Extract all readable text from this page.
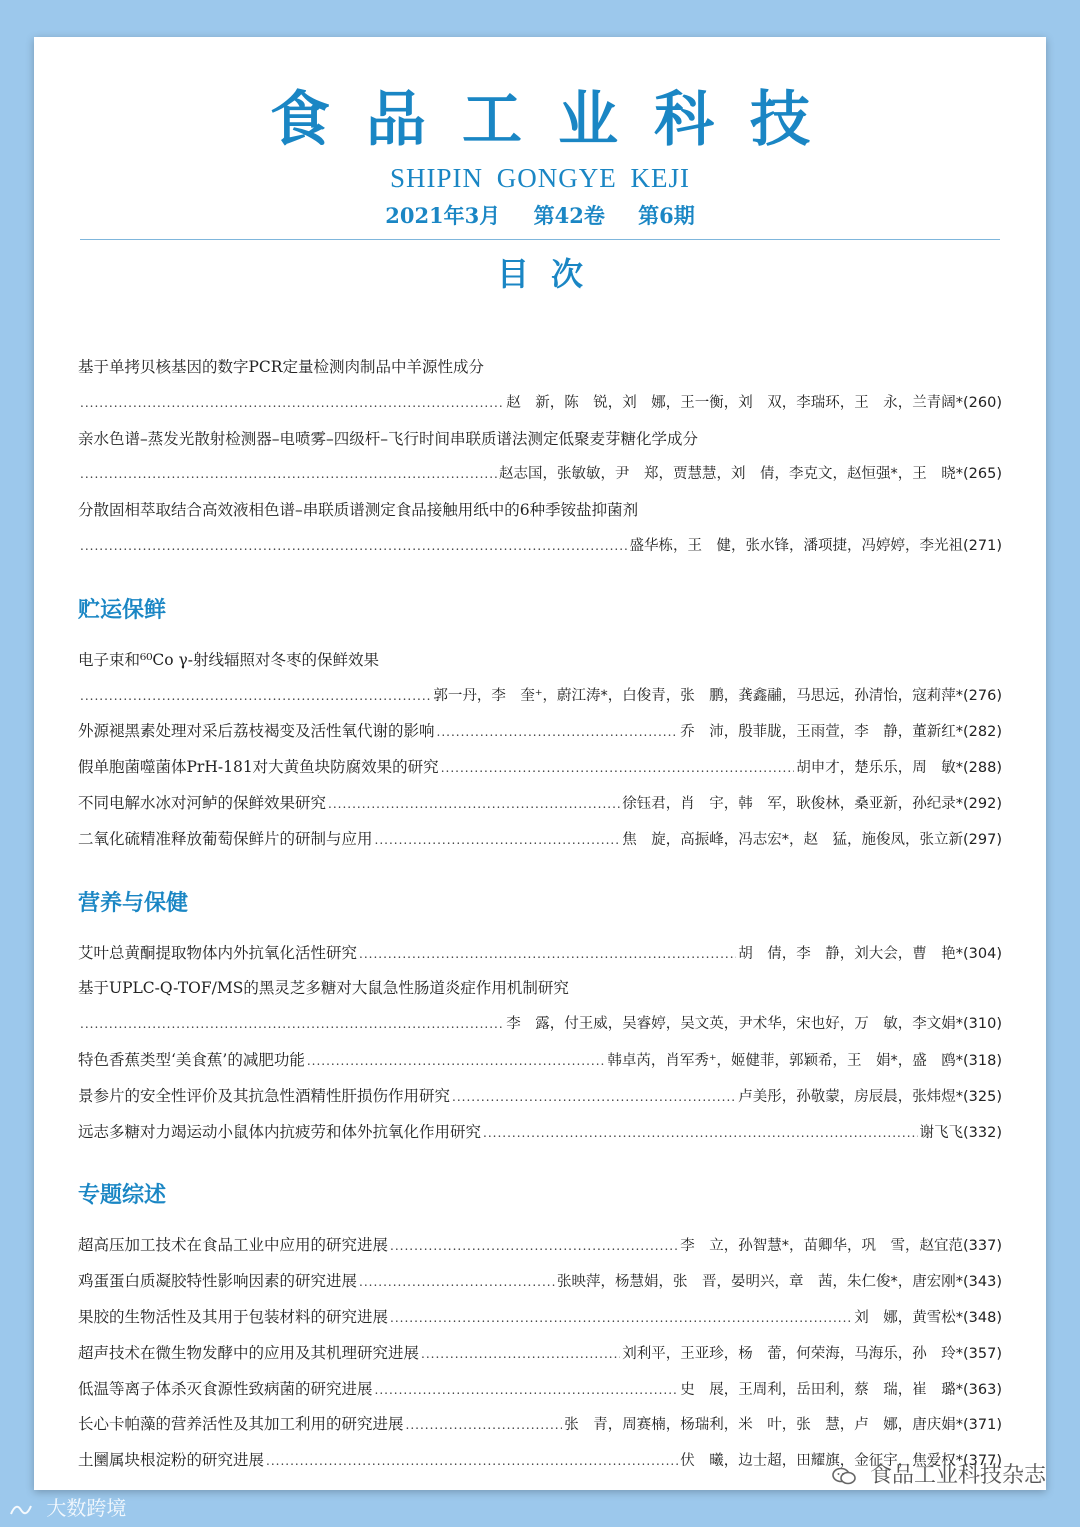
食品工业科技
SHIPIN GONGYE KEJI
2021年3月 第42卷 第6期
目次
基于单拷贝核基因的数字PCR定量检测肉制品中羊源性成分
.....
赵　新，陈　锐，刘　娜，王一衡，刘　双，李瑞环，王　永，兰青阔*(260)
亲水色谱–蒸发光散射检测器–电喷雾–四级杆–飞行时间串联质谱法测定低聚麦芽糖化学成分
.....
赵志国，张敏敏，尹　郑，贾慧慧，刘　倩，李克文，赵恒强*，王　晓*(265)
分散固相萃取结合高效液相色谱–串联质谱测定食品接触用纸中的6种季铵盐抑菌剂
.....
盛华栋，王　健，张水锋，潘项捷，冯婷婷，李光祖(271)
贮运保鲜
电子束和⁶⁰Co γ-射线辐照对冬枣的保鲜效果
.....
郭一丹，李　奎⁺，蔚江涛*，白俊青，张　鹏，龚鑫鬴，马思远，孙清怡，寇莉萍*(276)
外源褪黑素处理对采后荔枝褐变及活性氧代谢的影响 .....	乔　沛，殷菲胧，王雨萱，李　静，董新红*(282)
假单胞菌噬菌体PrH-181对大黄鱼块防腐效果的研究 .....	胡申才，楚乐乐，周　敏*(288)
不同电解水冰对河鲈的保鲜效果研究 .....	徐钰君，肖　宇，韩　军，耿俊林，桑亚新，孙纪录*(292)
二氧化硫精准释放葡萄保鲜片的研制与应用 .....	焦　旋，高振峰，冯志宏*，赵　猛，施俊凤，张立新(297)
营养与保健
艾叶总黄酮提取物体内外抗氧化活性研究 .....	胡　倩，李　静，刘大会，曹　艳*(304)
基于UPLC-Q-TOF/MS的黑灵芝多糖对大鼠急性肠道炎症作用机制研究
.....
李　露，付王威，吴睿婷，吴文英，尹术华，宋也好，万　敏，李文娟*(310)
特色香蕉类型‘美食蕉’的减肥功能 .....	韩卓芮，肖军秀⁺，姬健菲，郭颖希，王　娟*，盛　鸥*(318)
景参片的安全性评价及其抗急性酒精性肝损伤作用研究 .....	卢美彤，孙敬蒙，房辰晨，张炜煜*(325)
远志多糖对力竭运动小鼠体内抗疲劳和体外抗氧化作用研究 .....	谢飞飞(332)
专题综述
超高压加工技术在食品工业中应用的研究进展 .....	李　立，孙智慧*，苗卿华，巩　雪，赵宜范(337)
鸡蛋蛋白质凝胶特性影响因素的研究进展 .....	张映萍，杨慧娟，张　晋，晏明兴，章　茜，朱仁俊*，唐宏刚*(343)
果胶的生物活性及其用于包装材料的研究进展 .....	刘　娜，黄雪松*(348)
超声技术在微生物发酵中的应用及其机理研究进展 .....	刘利平，王亚珍，杨　蕾，何荣海，马海乐，孙　玲*(357)
低温等离子体杀灭食源性致病菌的研究进展 .....	史　展，王周利，岳田利，蔡　瑞，崔　璐*(363)
长心卡帕藻的营养活性及其加工利用的研究进展 .....	张　青，周赛楠，杨瑞利，米　叶，张　慧，卢　娜，唐庆娟*(371)
土圞属块根淀粉的研究进展 .....	伏　曦，边士超，田耀旗，金征宇，焦爱权*(377)
大数跨境
食品工业科技杂志
